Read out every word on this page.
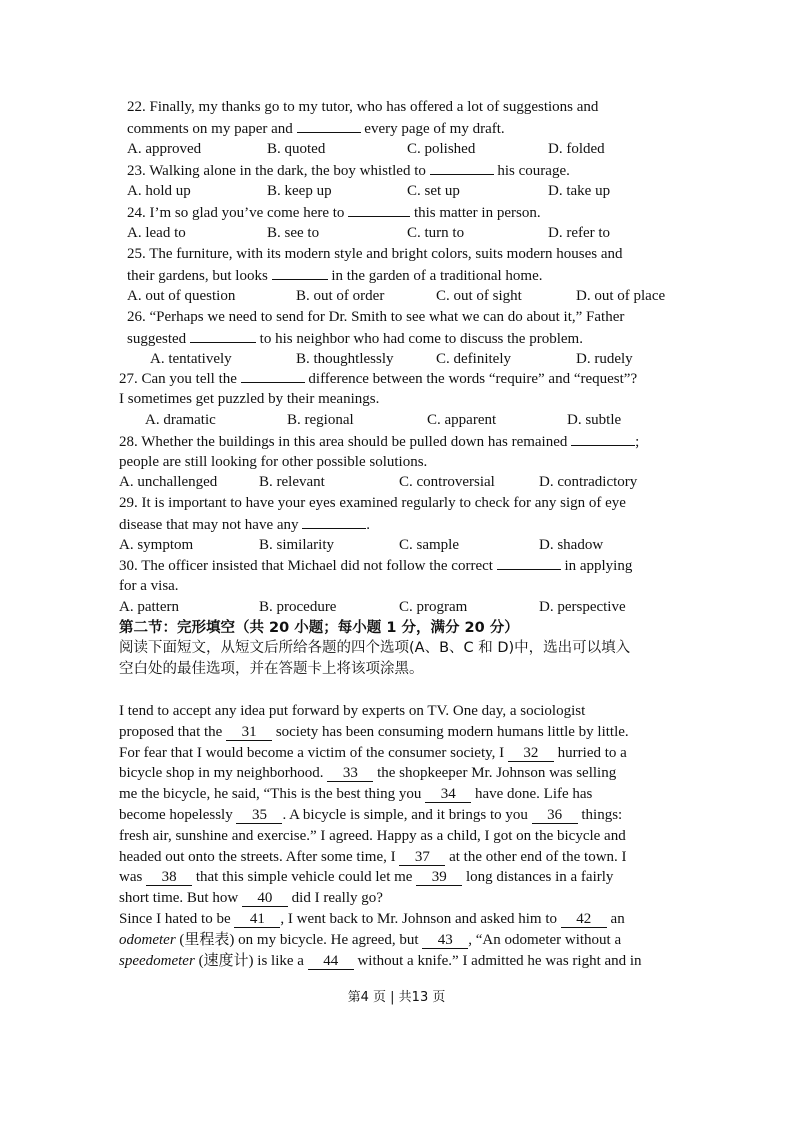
22. Finally, my thanks go to my tutor, who has offered a lot of suggestions and
comments on my paper and	every page of my draft.
A. approved	B. quoted	C. polished	D. folded
23. Walking alone in the dark, the boy whistled to	his courage.
A. hold up	B. keep up	C. set up	D. take up
24. I’m so glad you’ve come here to	this matter in person.
A. lead to	B. see to	C. turn to	D. refer to
25. The furniture, with its modern style and bright colors, suits modern houses and
their gardens, but looks	in the garden of a traditional home.
A. out of question	B. out of order	C. out of sight	D. out of place
26. “Perhaps we need to send for Dr. Smith to see what we can do about it,” Father
suggested	to his neighbor who had come to discuss the problem.
A. tentatively	B. thoughtlessly	C. definitely	D. rudely
27. Can you tell the	difference between the words “require” and “request”?
I sometimes get puzzled by their meanings.
A. dramatic	B. regional	C. apparent	D. subtle
28. Whether the buildings in this area should be pulled down has remained	;
people are still looking for other possible solutions.
A. unchallenged	B. relevant	C. controversial	D. contradictory
29. It is important to have your eyes examined regularly to check for any sign of eye
disease that may not have any	.
A. symptom	B. similarity	C. sample	D. shadow
30. The officer insisted that Michael did not follow the correct	in applying
for a visa.
A. pattern	B. procedure	C. program	D. perspective
第二节：完形填空（共 20 小题；每小题 1 分，满分 20 分）
阅读下面短文，从短文后所给各题的四个选项(A、B、C 和 D)中，选出可以填入
空白处的最佳选项，并在答题卡上将该项涂黑。
I tend to accept any idea put forward by experts on TV. One day, a sociologist
proposed that the 31 society has been consuming modern humans little by little.
For fear that I would become a victim of the consumer society, I 32 hurried to a
bicycle shop in my neighborhood. 33 the shopkeeper Mr. Johnson was selling
me the bicycle, he said, “This is the best thing you 34 have done. Life has
become hopelessly 35 . A bicycle is simple, and it brings to you 36 things:
fresh air, sunshine and exercise.” I agreed. Happy as a child, I got on the bicycle and
headed out onto the streets. After some time, I 37 at the other end of the town. I
was 38 that this simple vehicle could let me 39 long distances in a fairly
short time. But how 40 did I really go?
Since I hated to be 41 , I went back to Mr. Johnson and asked him to 42 an
odometer (里程表) on my bicycle. He agreed, but 43 , “An odometer without a
speedometer (速度计) is like a 44 without a knife.” I admitted he was right and in
第4 页 | 共13 页
